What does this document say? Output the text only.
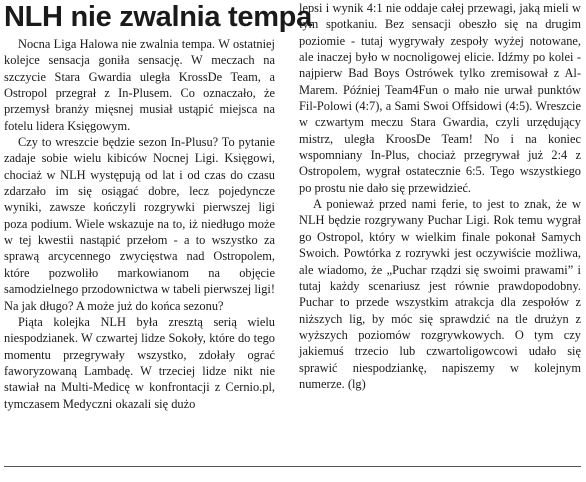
NLH nie zwalnia tempa

Nocna Liga Halowa nie zwalnia tempa. W ostatniej kolejce sensacja goniła sensację. W meczach na szczycie Stara Gwardia uległa KrossDe Team, a Ostropol przegrał z In-Plusem. Co oznaczało, że przemysł branży mięsnej musiał ustąpić miejsca na fotelu lidera Księgowym.

Czy to wreszcie będzie sezon In-Plusu? To pytanie zadaje sobie wielu kibiców Nocnej Ligi. Księgowi, chociaż w NLH występują od lat i od czas do czasu zdarzało im się osiągać dobre, lecz pojedyncze wyniki, zawsze kończyli rozgrywki pierwszej ligi poza podium. Wiele wskazuje na to, iż niedługo może w tej kwestii nastąpić przełom - a to wszystko za sprawą arcycennego zwycięstwa nad Ostropolem, które pozwoliło markowianom na objęcie samodzielnego przodownictwa w tabeli pierwszej ligi! Na jak długo? A może już do końca sezonu?

Piąta kolejka NLH była zresztą serią wielu niespodzianek. W czwartej lidze Sokoły, które do tego momentu przegrywały wszystko, zdołały ograć faworyzowaną Lambadę. W trzeciej lidze nikt nie stawiał na Multi-Medicę w konfrontacji z Cernio.pl, tymczasem Medyczni okazali się dużo

lepsi i wynik 4:1 nie oddaje całej przewagi, jaką mieli w tym spotkaniu. Bez sensacji obeszło się na drugim poziomie - tutaj wygrywały zespoły wyżej notowane, ale inaczej było w nocnoligowej elicie. Idźmy po kolei - najpierw Bad Boys Ostrówek tylko zremisował z Al-Marem. Później Team4Fun o mało nie urwał punktów Fil-Polowi (4:7), a Sami Swoi Offsidowi (4:5). Wreszcie w czwartym meczu Stara Gwardia, czyli urzędujący mistrz, uległa KroosDe Team! No i na koniec wspomniany In-Plus, chociaż przegrywał już 2:4 z Ostropolem, wygrał ostatecznie 6:5. Tego wszystkiego po prostu nie dało się przewidzieć.

A ponieważ przed nami ferie, to jest to znak, że w NLH będzie rozgrywany Puchar Ligi. Rok temu wygrał go Ostropol, który w wielkim finale pokonał Samych Swoich. Powtórka z rozrywki jest oczywiście możliwa, ale wiadomo, że „Puchar rządzi się swoimi prawami” i tutaj każdy scenariusz jest równie prawdopodobny. Puchar to przede wszystkim atrakcja dla zespołów z niższych lig, by móc się sprawdzić na tle drużyn z wyższych poziomów rozgrywkowych. O tym czy jakiemuś trzecio lub czwartoligowcowi udało się sprawić niespodziankę, napiszemy w kolejnym numerze. (lg)
